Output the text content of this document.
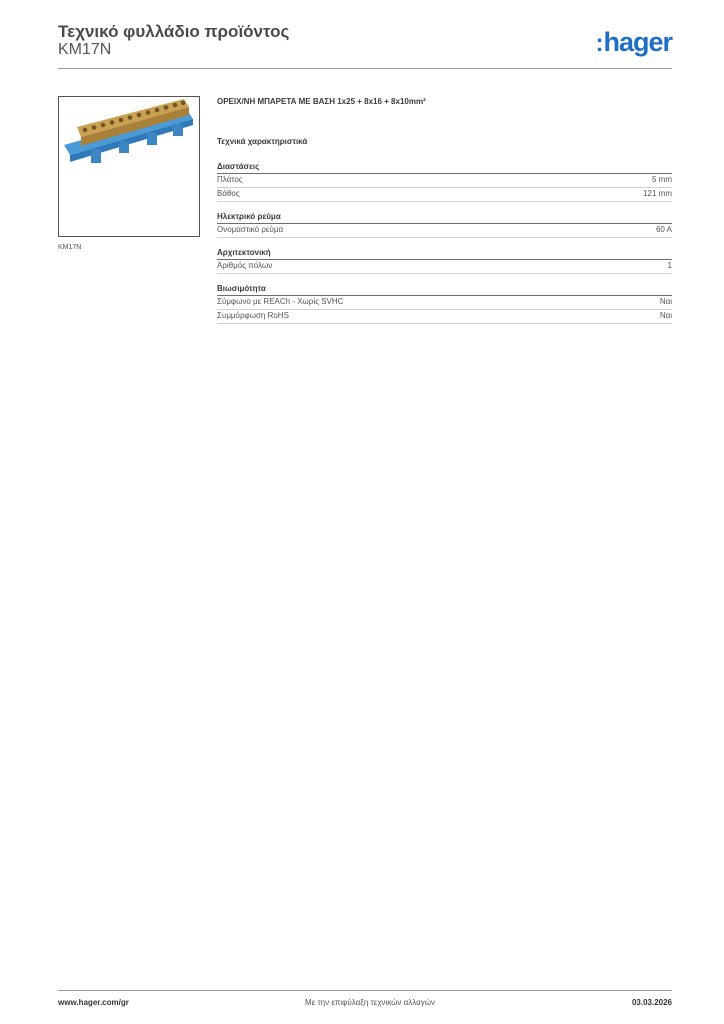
Τεχνικό φυλλάδιο προϊόντος
KM17N	:hager
KM17N
ΟΡΕΙΧ/ΝΗ ΜΠΑΡΕΤΑ ΜΕ ΒΑΣΗ 1x25 + 8x16 + 8x10mm²
Τεχνικά χαρακτηριστικά
Διαστάσεις
Πλάτος	5 mm
Βάθος	121 mm
Ηλεκτρικό ρεύμα
Ονομαστικό ρεύμα	60 A
Αρχιτεκτονική
Αριθμός πόλων	1
Βιωσιμότητα
Σύμφωνο με REACh - Χωρίς SVHC	Ναι
Συμμόρφωση RoHS	Ναι
www.hager.com/gr	Με την επιφύλαξη τεχνικών αλλαγών	03.03.2026
